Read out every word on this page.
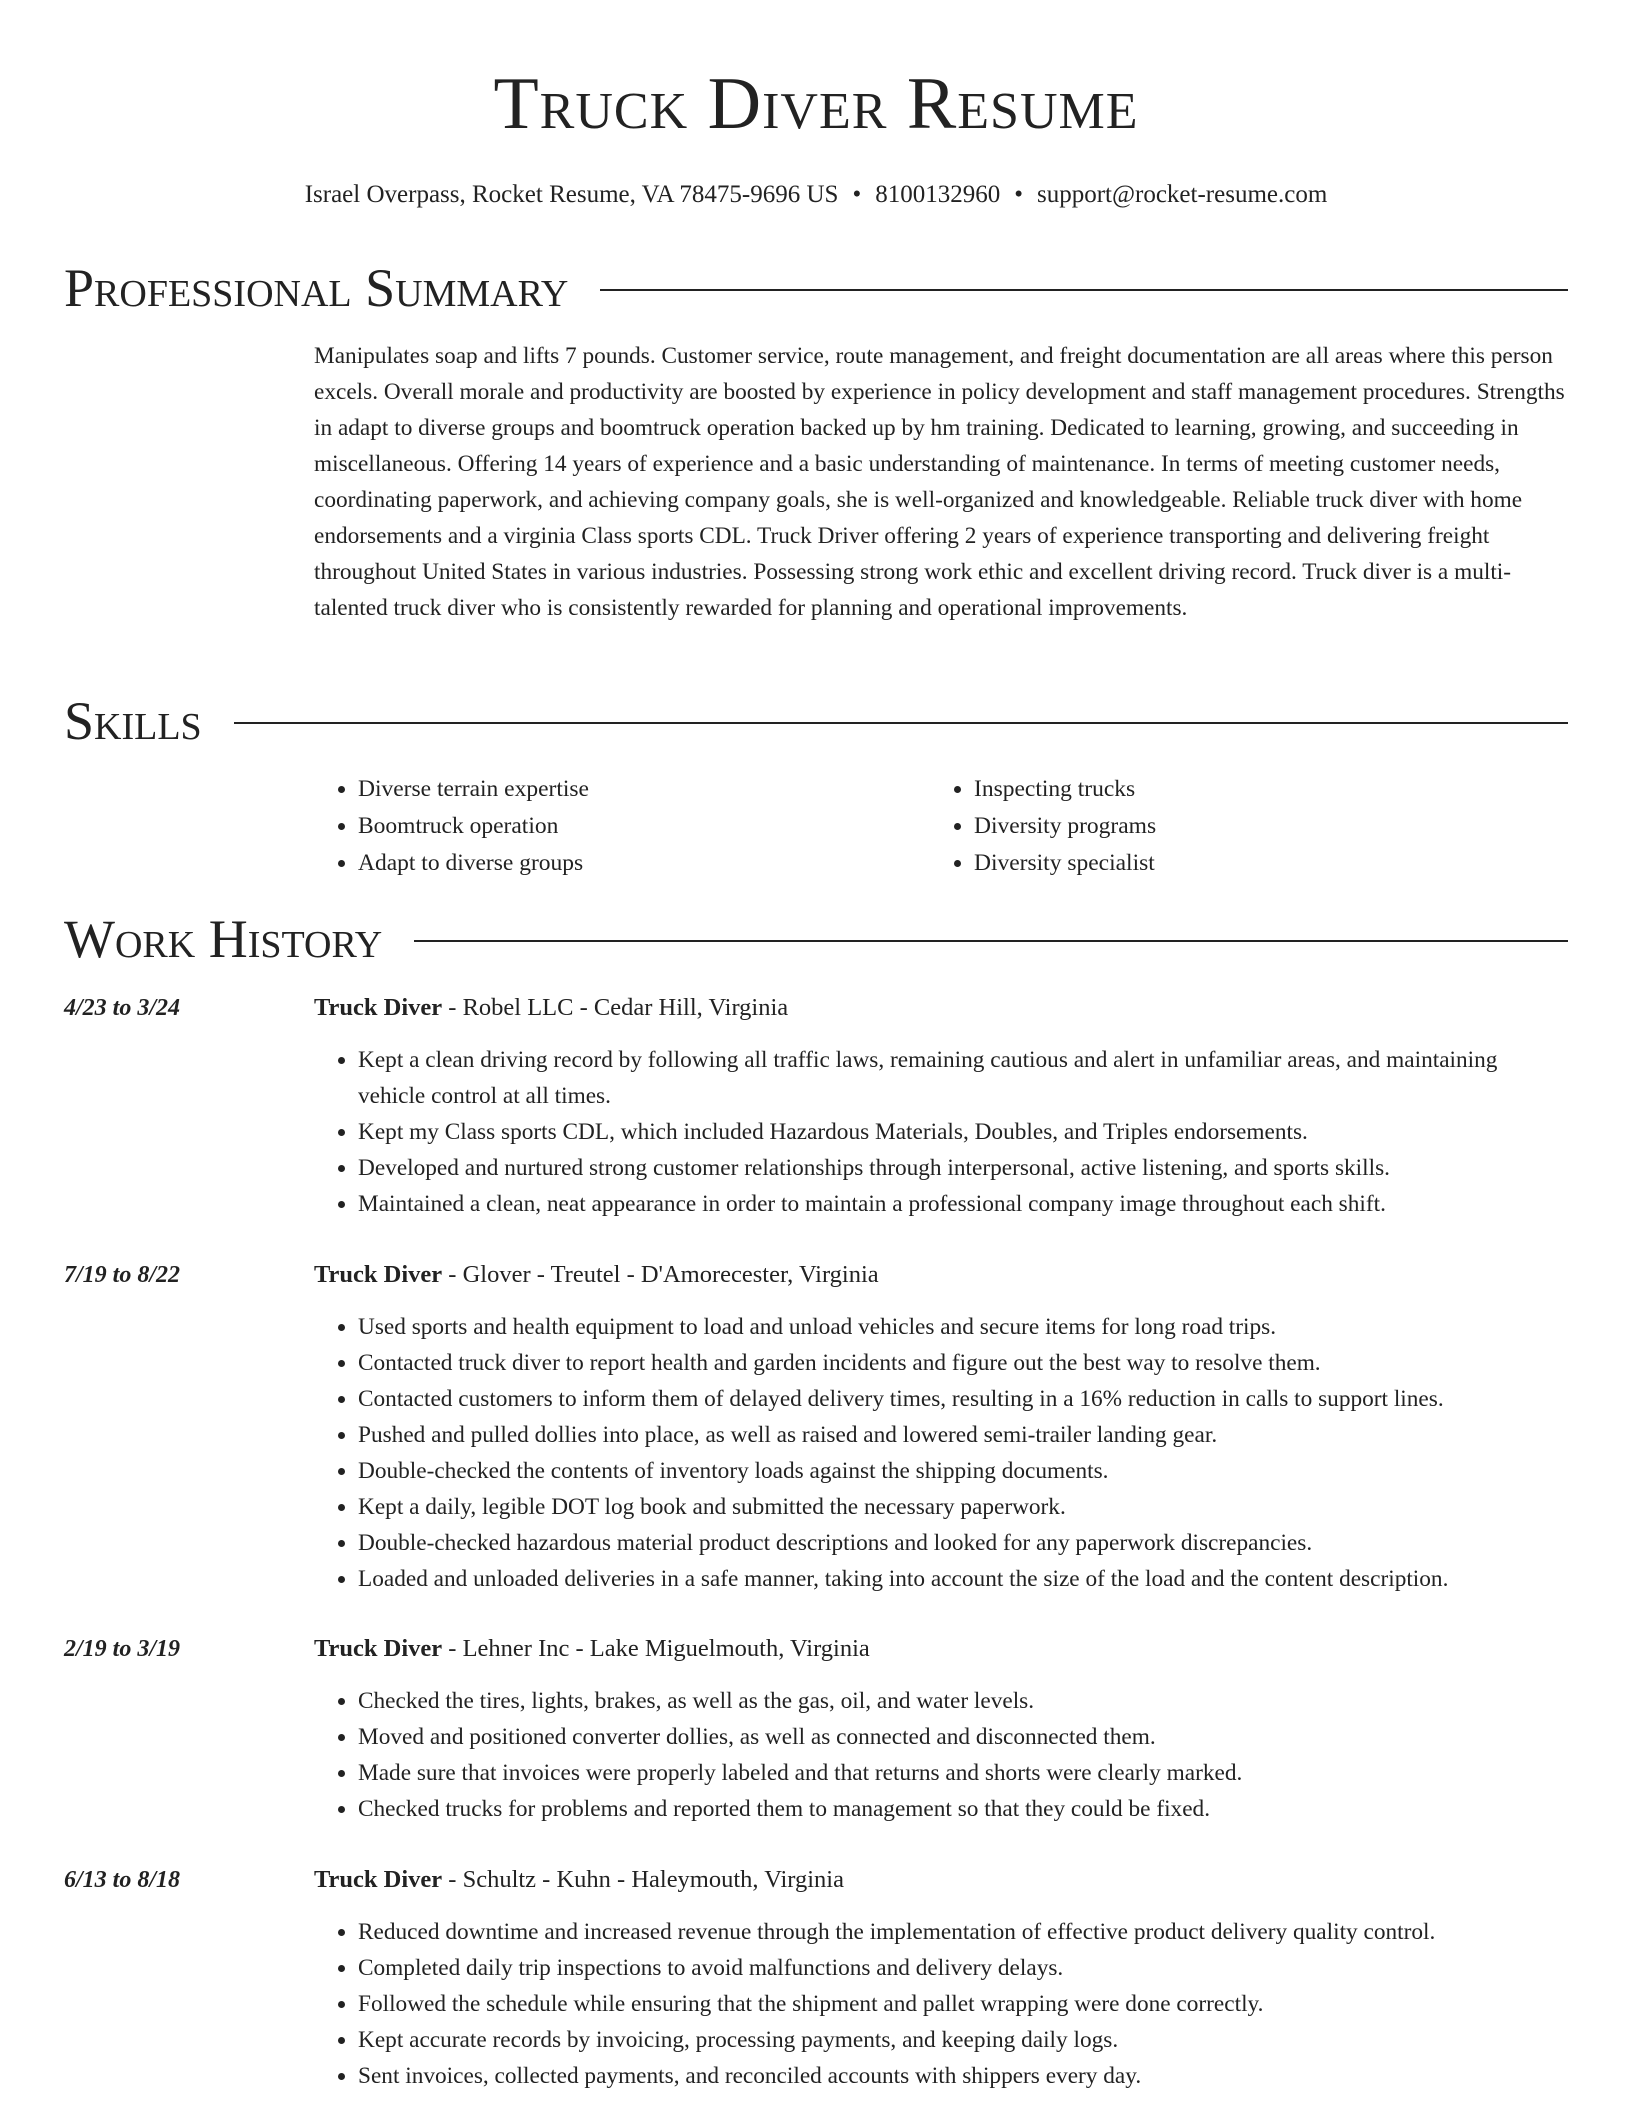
Truck Diver Resume
Israel Overpass, Rocket Resume, VA 78475-9696 US • 8100132960 • support@rocket-resume.com
Professional Summary

Manipulates soap and lifts 7 pounds. Customer service, route management, and freight documentation are all areas where this person excels. Overall morale and productivity are boosted by experience in policy development and staff management procedures. Strengths in adapt to diverse groups and boomtruck operation backed up by hm training. Dedicated to learning, growing, and succeeding in miscellaneous. Offering 14 years of experience and a basic understanding of maintenance. In terms of meeting customer needs, coordinating paperwork, and achieving company goals, she is well-organized and knowledgeable. Reliable truck diver with home endorsements and a virginia Class sports CDL. Truck Driver offering 2 years of experience transporting and delivering freight throughout United States in various industries. Possessing strong work ethic and excellent driving record. Truck diver is a multi-talented truck diver who is consistently rewarded for planning and operational improvements.

Skills
• Diverse terrain expertise
• Boomtruck operation
• Adapt to diverse groups
• Inspecting trucks
• Diversity programs
• Diversity specialist
Work History
4/23 to 3/24	Truck Diver - Robel LLC - Cedar Hill, Virginia
• Kept a clean driving record by following all traffic laws, remaining cautious and alert in unfamiliar areas, and maintaining vehicle control at all times.
• Kept my Class sports CDL, which included Hazardous Materials, Doubles, and Triples endorsements.
• Developed and nurtured strong customer relationships through interpersonal, active listening, and sports skills.
• Maintained a clean, neat appearance in order to maintain a professional company image throughout each shift.
7/19 to 8/22	Truck Diver - Glover - Treutel - D'Amorecester, Virginia
• Used sports and health equipment to load and unload vehicles and secure items for long road trips.
• Contacted truck diver to report health and garden incidents and figure out the best way to resolve them.
• Contacted customers to inform them of delayed delivery times, resulting in a 16% reduction in calls to support lines.
• Pushed and pulled dollies into place, as well as raised and lowered semi-trailer landing gear.
• Double-checked the contents of inventory loads against the shipping documents.
• Kept a daily, legible DOT log book and submitted the necessary paperwork.
• Double-checked hazardous material product descriptions and looked for any paperwork discrepancies.
• Loaded and unloaded deliveries in a safe manner, taking into account the size of the load and the content description.
2/19 to 3/19	Truck Diver - Lehner Inc - Lake Miguelmouth, Virginia
• Checked the tires, lights, brakes, as well as the gas, oil, and water levels.
• Moved and positioned converter dollies, as well as connected and disconnected them.
• Made sure that invoices were properly labeled and that returns and shorts were clearly marked.
• Checked trucks for problems and reported them to management so that they could be fixed.
6/13 to 8/18	Truck Diver - Schultz - Kuhn - Haleymouth, Virginia
• Reduced downtime and increased revenue through the implementation of effective product delivery quality control.
• Completed daily trip inspections to avoid malfunctions and delivery delays.
• Followed the schedule while ensuring that the shipment and pallet wrapping were done correctly.
• Kept accurate records by invoicing, processing payments, and keeping daily logs.
• Sent invoices, collected payments, and reconciled accounts with shippers every day.
